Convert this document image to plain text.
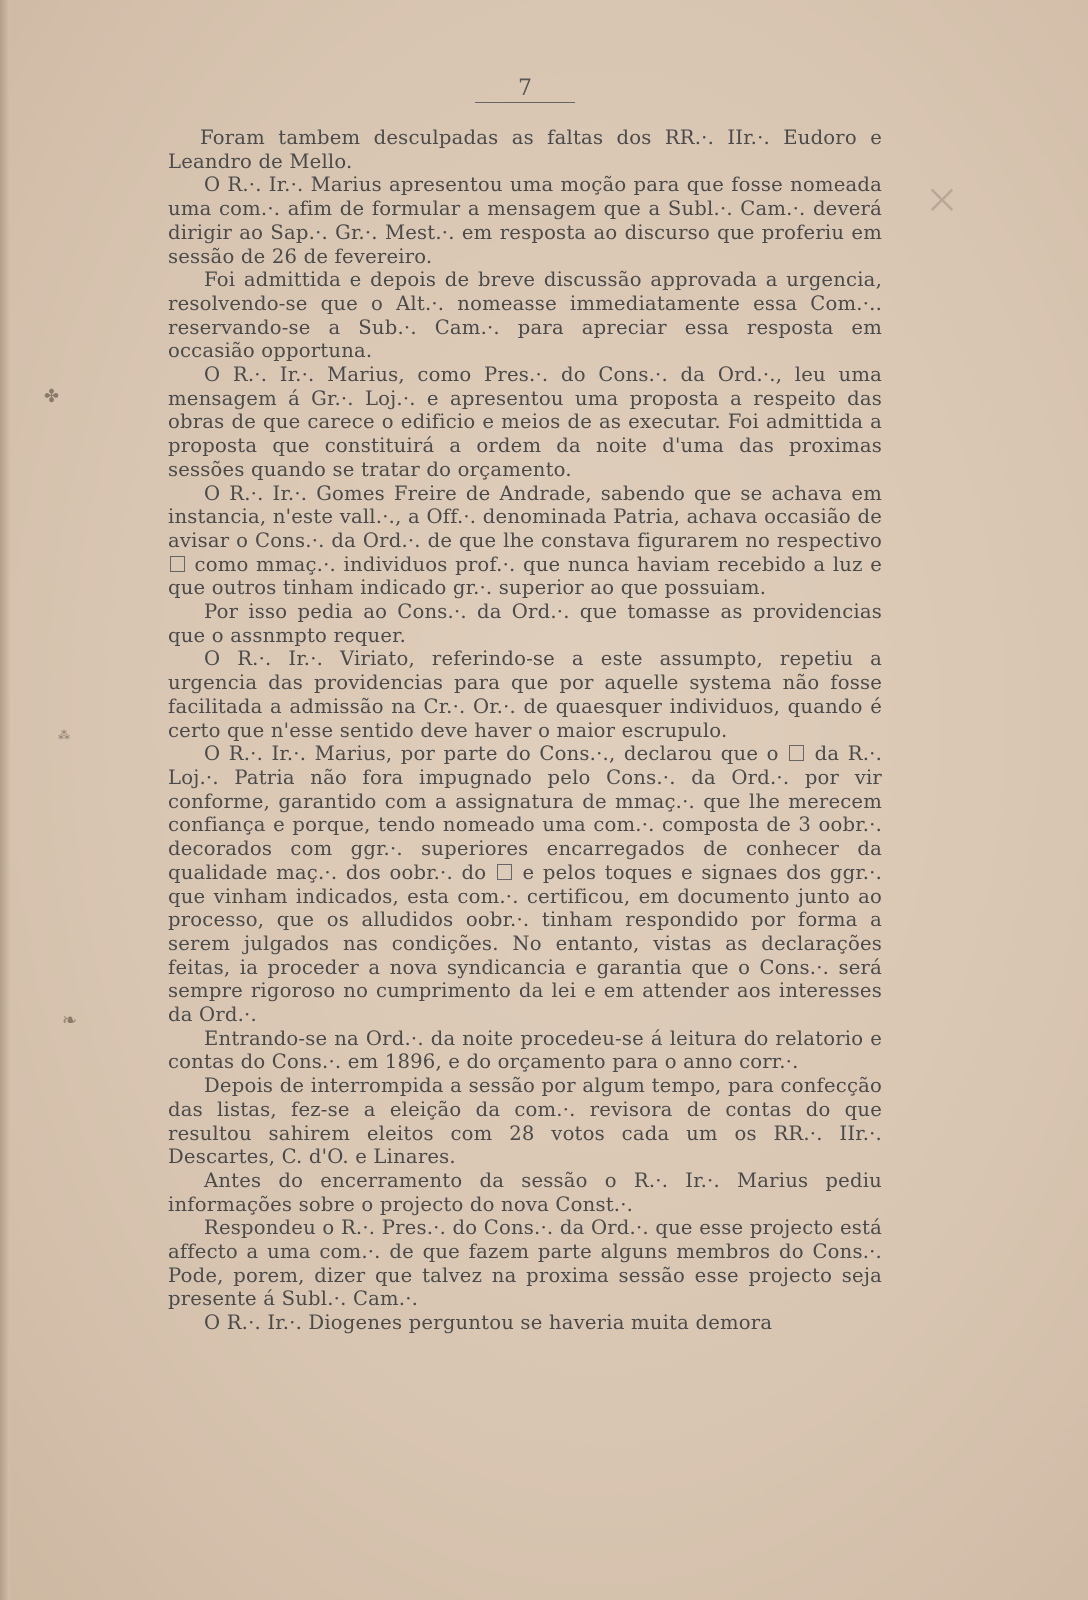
✤
⁂
❧
⨉
7

Foram tambem desculpadas as faltas dos RR.·. IIr.·. Eudoro e Leandro de Mello.

O R.·. Ir.·. Marius apresentou uma moção para que fosse nomeada uma com.·. afim de formular a mensagem que a Subl.·. Cam.·. deverá dirigir ao Sap.·. Gr.·. Mest.·. em resposta ao discurso que proferiu em sessão de 26 de fevereiro.

Foi admittida e depois de breve discussão approvada a urgencia, resolvendo-se que o Alt.·. nomeasse immediatamente essa Com.·.. reservando-se a Sub.·. Cam.·. para apreciar essa resposta em occasião opportuna.

O R.·. Ir.·. Marius, como Pres.·. do Cons.·. da Ord.·., leu uma mensagem á Gr.·. Loj.·. e apresentou uma proposta a respeito das obras de que carece o edificio e meios de as executar. Foi admittida a proposta que constituirá a ordem da noite d'uma das proximas sessões quando se tratar do orçamento.

O R.·. Ir.·. Gomes Freire de Andrade, sabendo que se achava em instancia, n'este vall.·., a Off.·. denominada Patria, achava occasião de avisar o Cons.·. da Ord.·. de que lhe constava figurarem no respectivo  como mmaç.·. individuos prof.·. que nunca haviam recebido a luz e que outros tinham indicado gr.·. superior ao que possuiam.

Por isso pedia ao Cons.·. da Ord.·. que tomasse as providencias que o assnmpto requer.

O R.·. Ir.·. Viriato, referindo-se a este assumpto, repetiu a urgencia das providencias para que por aquelle systema não fosse facilitada a admissão na Cr.·. Or.·. de quaesquer individuos, quando é certo que n'esse sentido deve haver o maior escrupulo.

O R.·. Ir.·. Marius, por parte do Cons.·., declarou que o  da R.·. Loj.·. Patria não fora impugnado pelo Cons.·. da Ord.·. por vir conforme, garantido com a assignatura de mmaç.·. que lhe merecem confiança e porque, tendo nomeado uma com.·. composta de 3 oobr.·. decorados com ggr.·. superiores encarregados de conhecer da qualidade maç.·. dos oobr.·. do  e pelos toques e signaes dos ggr.·. que vinham indicados, esta com.·. certificou, em documento junto ao processo, que os alludidos oobr.·. tinham respondido por forma a serem julgados nas condições. No entanto, vistas as declarações feitas, ia proceder a nova syndicancia e garantia que o Cons.·. será sempre rigoroso no cumprimento da lei e em attender aos interesses da Ord.·.

Entrando-se na Ord.·. da noite procedeu-se á leitura do relatorio e contas do Cons.·. em 1896, e do orçamento para o anno corr.·.

Depois de interrompida a sessão por algum tempo, para confecção das listas, fez-se a eleição da com.·. revisora de contas do que resultou sahirem eleitos com 28 votos cada um os RR.·. IIr.·. Descartes, C. d'O. e Linares.

Antes do encerramento da sessão o R.·. Ir.·. Marius pediu informações sobre o projecto do nova Const.·.

Respondeu o R.·. Pres.·. do Cons.·. da Ord.·. que esse projecto está affecto a uma com.·. de que fazem parte alguns membros do Cons.·. Pode, porem, dizer que talvez na proxima sessão esse projecto seja presente á Subl.·. Cam.·.

O R.·. Ir.·. Diogenes perguntou se haveria muita demora
